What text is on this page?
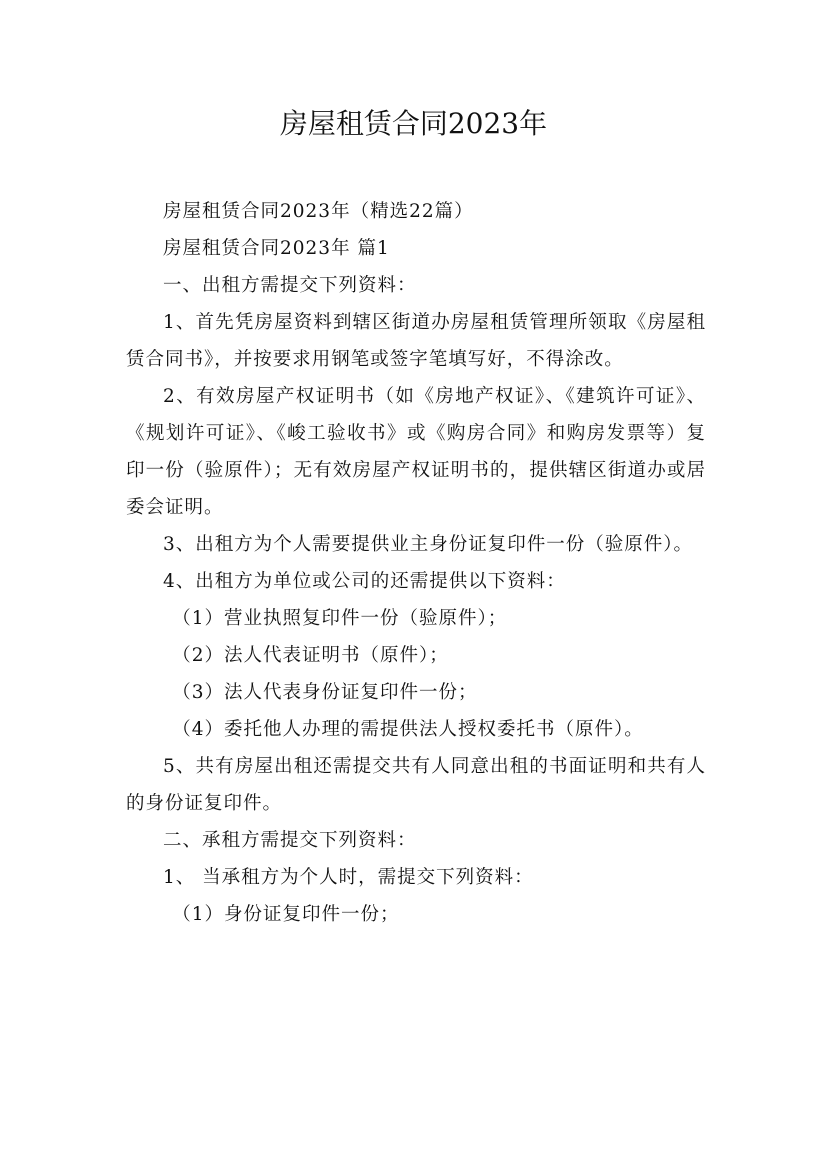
房屋租赁合同2023年

房屋租赁合同2023年（精选22篇）

房屋租赁合同2023年 篇1

一、出租方需提交下列资料：

1、首先凭房屋资料到辖区街道办房屋租赁管理所领取《房屋租赁合同书》，并按要求用钢笔或签字笔填写好，不得涂改。

2、有效房屋产权证明书（如《房地产权证》、《建筑许可证》、《规划许可证》、《峻工验收书》或《购房合同》和购房发票等）复印一份（验原件）；无有效房屋产权证明书的，提供辖区街道办或居委会证明。

3、出租方为个人需要提供业主身份证复印件一份（验原件）。

4、出租方为单位或公司的还需提供以下资料：

（1）营业执照复印件一份（验原件）；

（2）法人代表证明书（原件）；

（3）法人代表身份证复印件一份；

（4）委托他人办理的需提供法人授权委托书（原件）。

5、共有房屋出租还需提交共有人同意出租的书面证明和共有人的身份证复印件。

二、承租方需提交下列资料：

1、 当承租方为个人时，需提交下列资料：

（1）身份证复印件一份；
